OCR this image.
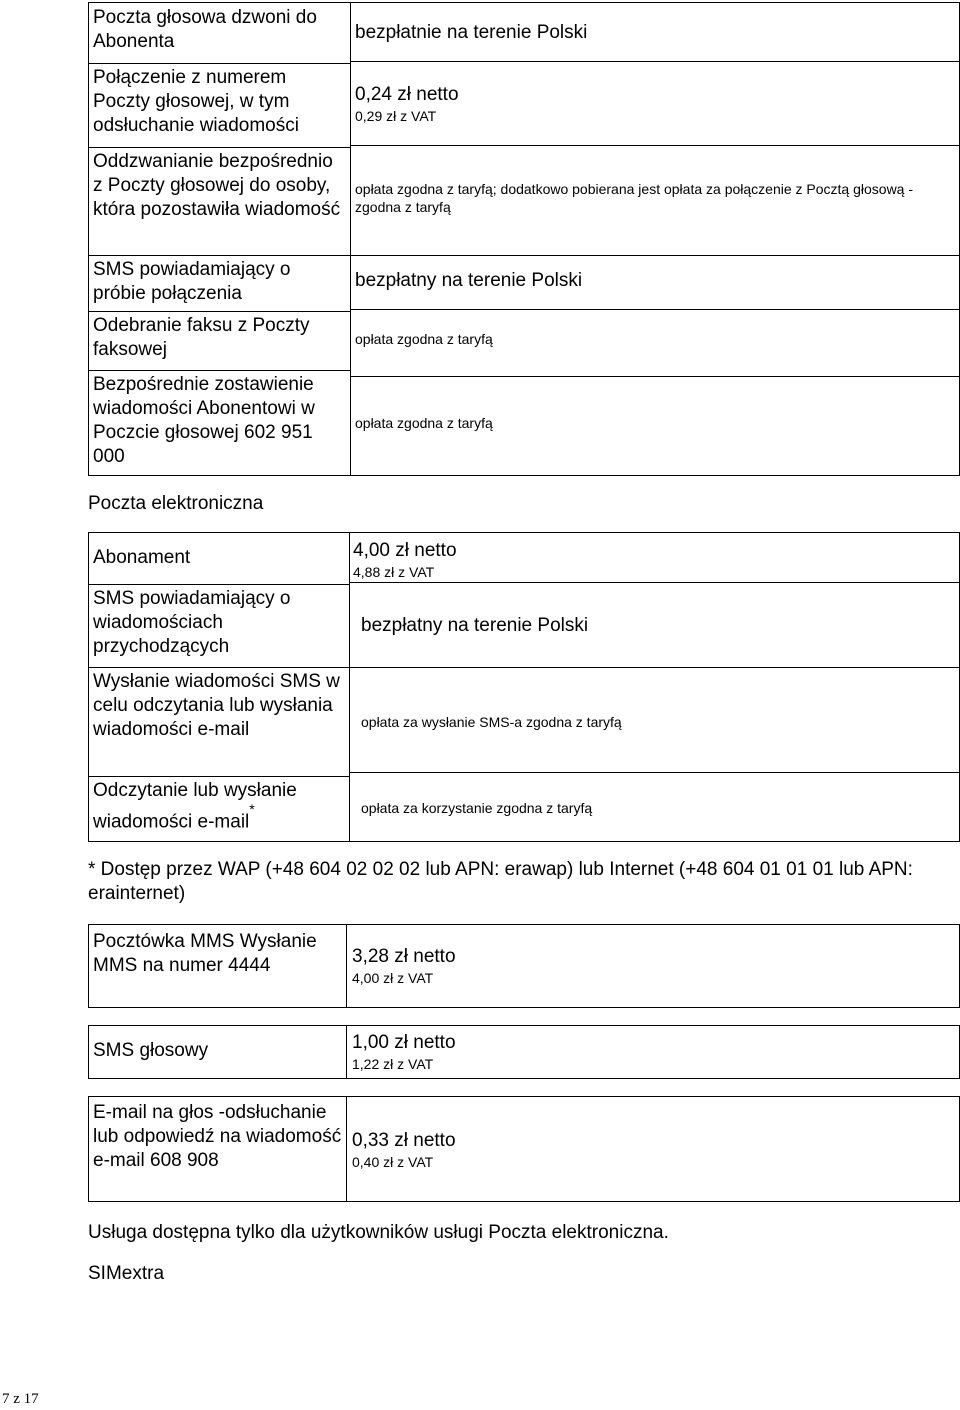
Poczta głosowa dzwoni do Abonenta
Połączenie z numerem Poczty głosowej, w tym odsłuchanie wiadomości
Oddzwanianie bezpośrednio z Poczty głosowej do osoby, która pozostawiła wiadomość
SMS powiadamiający o próbie połączenia
Odebranie faksu z Poczty faksowej
Bezpośrednie zostawienie wiadomości Abonentowi w Poczcie głosowej 602 951 000
bezpłatnie na terenie Polski
0,24 zł netto
0,29 zł z VAT
opłata zgodna z taryfą; dodatkowo pobierana jest opłata za połączenie z Pocztą głosową - zgodna z taryfą
bezpłatny na terenie Polski
opłata zgodna z taryfą
opłata zgodna z taryfą
Poczta elektroniczna
Abonament
SMS powiadamiający o wiadomościach przychodzących
Wysłanie wiadomości SMS w celu odczytania lub wysłania wiadomości e-mail
Odczytanie lub wysłanie wiadomości e-mail*
4,00 zł netto
4,88 zł z VAT
bezpłatny na terenie Polski
opłata za wysłanie SMS-a zgodna z taryfą
opłata za korzystanie zgodna z taryfą
* Dostęp przez WAP (+48 604 02 02 02 lub APN: erawap) lub Internet (+48 604 01 01 01 lub APN: erainternet)
Pocztówka MMS Wysłanie MMS na numer 4444	3,28 zł netto
4,00 zł z VAT
SMS głosowy	1,00 zł netto
1,22 zł z VAT
E-mail na głos -odsłuchanie lub odpowiedź na wiadomość e-mail 608 908
0,33 zł netto
0,40 zł z VAT
Usługa dostępna tylko dla użytkowników usługi Poczta elektroniczna.
SIMextra
7 z 17
